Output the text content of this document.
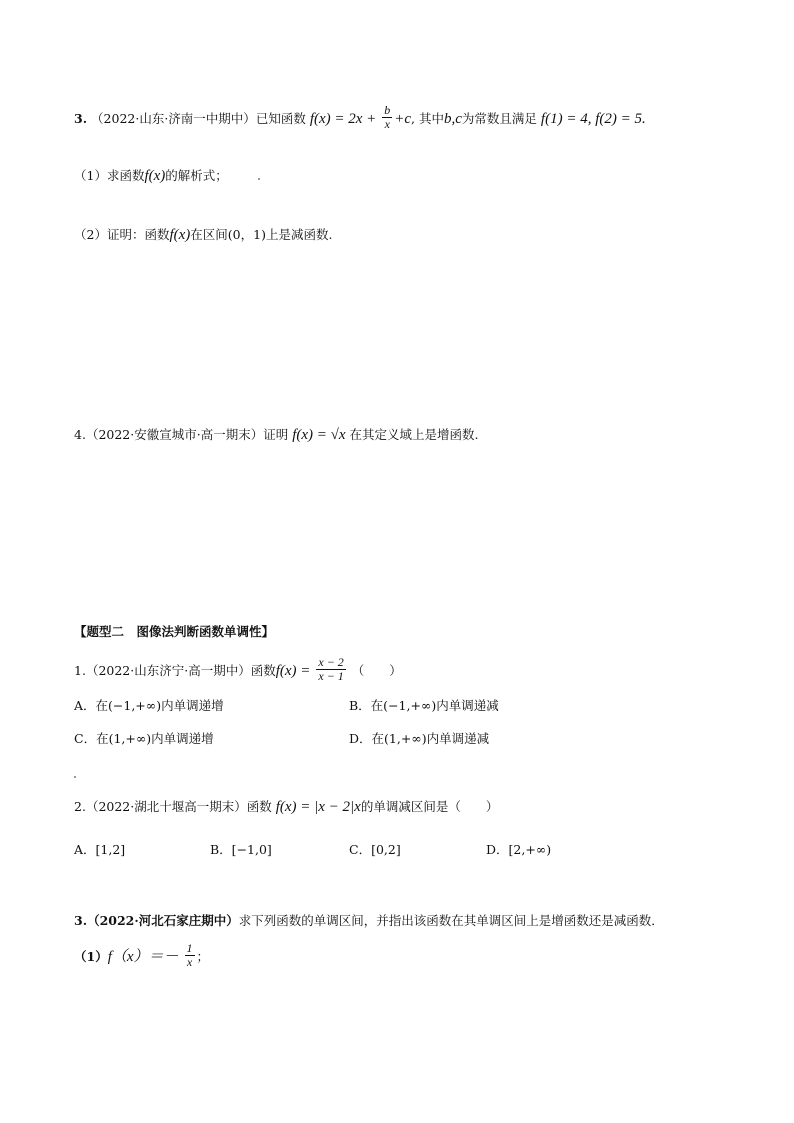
3. （2022·山东·济南一中期中）已知函数 $f(x) = 2x + \frac{b}{x} +c$, 其中b,c为常数且满足 f(1) = 4, f(2) = 5.
（1）求函数f(x)的解析式；
（2）证明：函数f(x)在区间(0，1)上是减函数.
4.（2022·安徽宣城市·高一期末）证明 f(x) = √x 在其定义域上是增函数.
【题型二　图像法判断函数单调性】
1.（2022·山东济宁·高一期中）函数$f(x) = \frac{x - 2}{x - 1}$ （　　）
A．在(−1,+∞)内单调递增	B．在(−1,+∞)内单调递减
C．在(1,+∞)内单调递增	D．在(1,+∞)内单调递减
2.（2022·湖北十堰高一期末）函数 f(x) = |x − 2|x的单调减区间是（　　）
A．[1,2]	B．[−1,0]	C．[0,2]	D．[2,+∞)
3.（2022·河北石家庄期中）求下列函数的单调区间，并指出该函数在其单调区间上是增函数还是减函数．
$(1)f(x)=- \frac{1}{x}$ ；
